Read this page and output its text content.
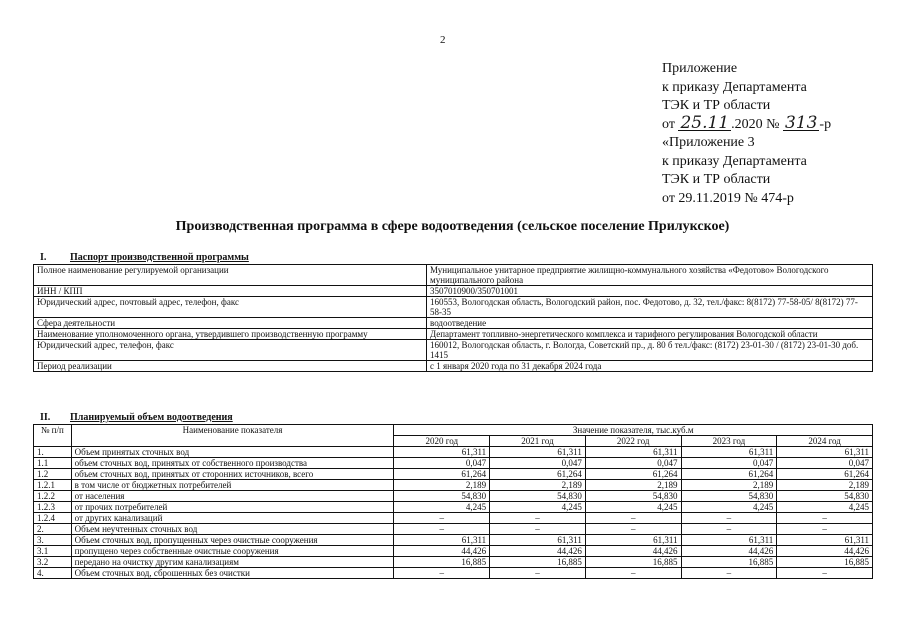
2
Приложение
к приказу Департамента
ТЭК и ТР области
от 25.11 .2020 № 313 -р
«Приложение 3
к приказу Департамента
ТЭК и ТР области
от 29.11.2019 № 474-р
Производственная программа в сфере водоотведения (сельское поселение Прилукское)
I. Паспорт производственной программы
Полное наименование регулируемой организации	Муниципальное унитарное предприятие жилищно-коммунального хозяйства «Федотово» Вологодского муниципального района
ИНН / КПП	3507010900/350701001
Юридический адрес, почтовый адрес, телефон, факс	160553, Вологодская область, Вологодский район, пос. Федотово, д. 32, тел./факс: 8(8172) 77-58-05/ 8(8172) 77-58-35
Сфера деятельности	водоотведение
Наименование уполномоченного органа, утвердившего производственную программу	Департамент топливно-энергетического комплекса и тарифного регулирования Вологодской области
Юридический адрес, телефон, факс	160012, Вологодская область, г. Вологда, Советский пр., д. 80 б тел./факс: (8172) 23-01-30 / (8172) 23-01-30 доб. 1415
Период реализации	с 1 января 2020 года по 31 декабря 2024 года
II. Планируемый объем водоотведения
№ п/п	Наименование показателя	Значение показателя, тыс.куб.м				
		2020 год	2021 год	2022 год	2023 год	2024 год
1.	Объем принятых сточных вод	61,311	61,311	61,311	61,311	61,311
1.1	объем сточных вод, принятых от собственного производства	0,047	0,047	0,047	0,047	0,047
1.2	объем сточных вод, принятых от сторонних источников, всего	61,264	61,264	61,264	61,264	61,264
1.2.1	в том числе от бюджетных потребителей	2,189	2,189	2,189	2,189	2,189
1.2.2	от населения	54,830	54,830	54,830	54,830	54,830
1.2.3	от прочих потребителей	4,245	4,245	4,245	4,245	4,245
1.2.4	от других канализаций	–	–	–	–	–
2.	Объем неучтенных сточных вод	–	–	–	–	–
3.	Объем сточных вод, пропущенных через очистные сооружения	61,311	61,311	61,311	61,311	61,311
3.1	пропущено через собственные очистные сооружения	44,426	44,426	44,426	44,426	44,426
3.2	передано на очистку другим канализациям	16,885	16,885	16,885	16,885	16,885
4.	Объем сточных вод, сброшенных без очистки	–	–	–	–	–
